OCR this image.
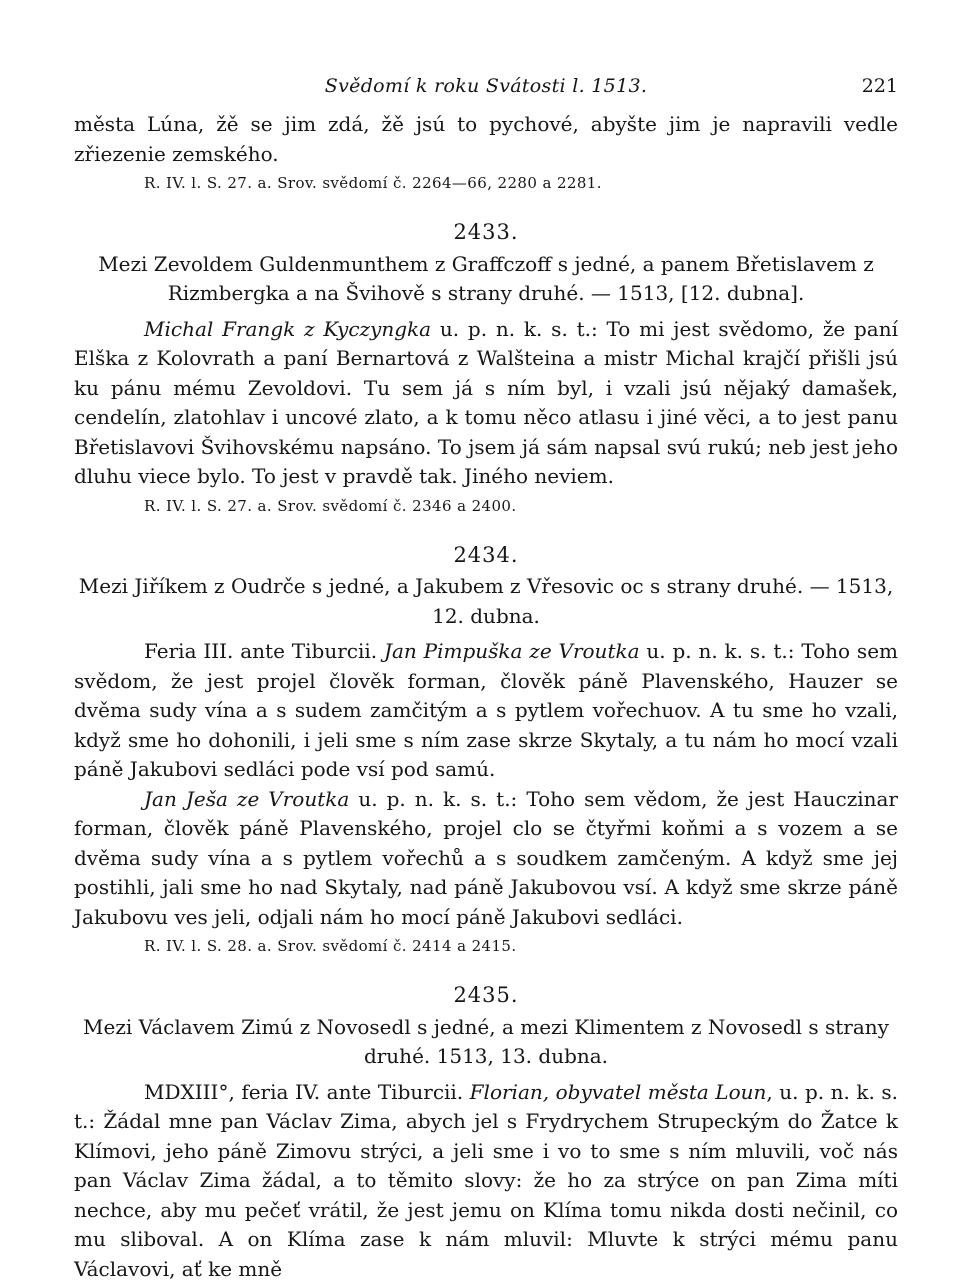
Svědomí k roku Svátosti l. 1513.	221

města Lúna, žě se jim zdá, žě jsú to pychové, abyšte jim je napravili vedle zřiezenie zemského.

R. IV. l. S. 27. a. Srov. svědomí č. 2264—66, 2280 a 2281.
2433.
Mezi Zevoldem Guldenmunthem z Graffczoff s jedné, a panem Břetislavem z Rizmbergka a na Švihově s strany druhé. — 1513, [12. dubna].

Michal Frangk z Kyczyngka u. p. n. k. s. t.: To mi jest svědomo, že paní Elška z Kolovrath a paní Bernartová z Walšteina a mistr Michal krajčí přišli jsú ku pánu mému Zevoldovi. Tu sem já s ním byl, i vzali jsú nějaký damašek, cendelín, zlatohlav i uncové zlato, a k tomu něco atlasu i jiné věci, a to jest panu Břetislavovi Švihovskému napsáno. To jsem já sám napsal svú rukú; neb jest jeho dluhu viece bylo. To jest v pravdě tak. Jiného neviem.

R. IV. l. S. 27. a. Srov. svědomí č. 2346 a 2400.
2434.
Mezi Jiříkem z Oudrče s jedné, a Jakubem z Vřesovic oc s strany druhé. — 1513, 12. dubna.

Feria III. ante Tiburcii. Jan Pimpuška ze Vroutka u. p. n. k. s. t.: Toho sem svědom, že jest projel člověk forman, člověk páně Plavenského, Hauzer se dvěma sudy vína a s sudem zamčitým a s pytlem vořechuov. A tu sme ho vzali, když sme ho dohonili, i jeli sme s ním zase skrze Skytaly, a tu nám ho mocí vzali páně Jakubovi sedláci pode vsí pod samú.

Jan Ješa ze Vroutka u. p. n. k. s. t.: Toho sem vědom, že jest Hauczinar forman, člověk páně Plavenského, projel clo se čtyřmi koňmi a s vozem a se dvěma sudy vína a s pytlem vořechů a s soudkem zamčeným. A když sme jej postihli, jali sme ho nad Skytaly, nad páně Jakubovou vsí. A když sme skrze páně Jakubovu ves jeli, odjali nám ho mocí páně Jakubovi sedláci.

R. IV. l. S. 28. a. Srov. svědomí č. 2414 a 2415.
2435.
Mezi Václavem Zimú z Novosedl s jedné, a mezi Klimentem z Novosedl s strany druhé. 1513, 13. dubna.

MDXIII°, feria IV. ante Tiburcii. Florian, obyvatel města Loun, u. p. n. k. s. t.: Žádal mne pan Václav Zima, abych jel s Frydrychem Strupeckým do Žatce k Klímovi, jeho páně Zimovu strýci, a jeli sme i vo to sme s ním mluvili, voč nás pan Václav Zima žádal, a to těmito slovy: že ho za strýce on pan Zima míti nechce, aby mu pečeť vrátil, že jest jemu on Klíma tomu nikda dosti nečinil, co mu sliboval. A on Klíma zase k nám mluvil: Mluvte k strýci mému panu Václavovi, ať ke mně
